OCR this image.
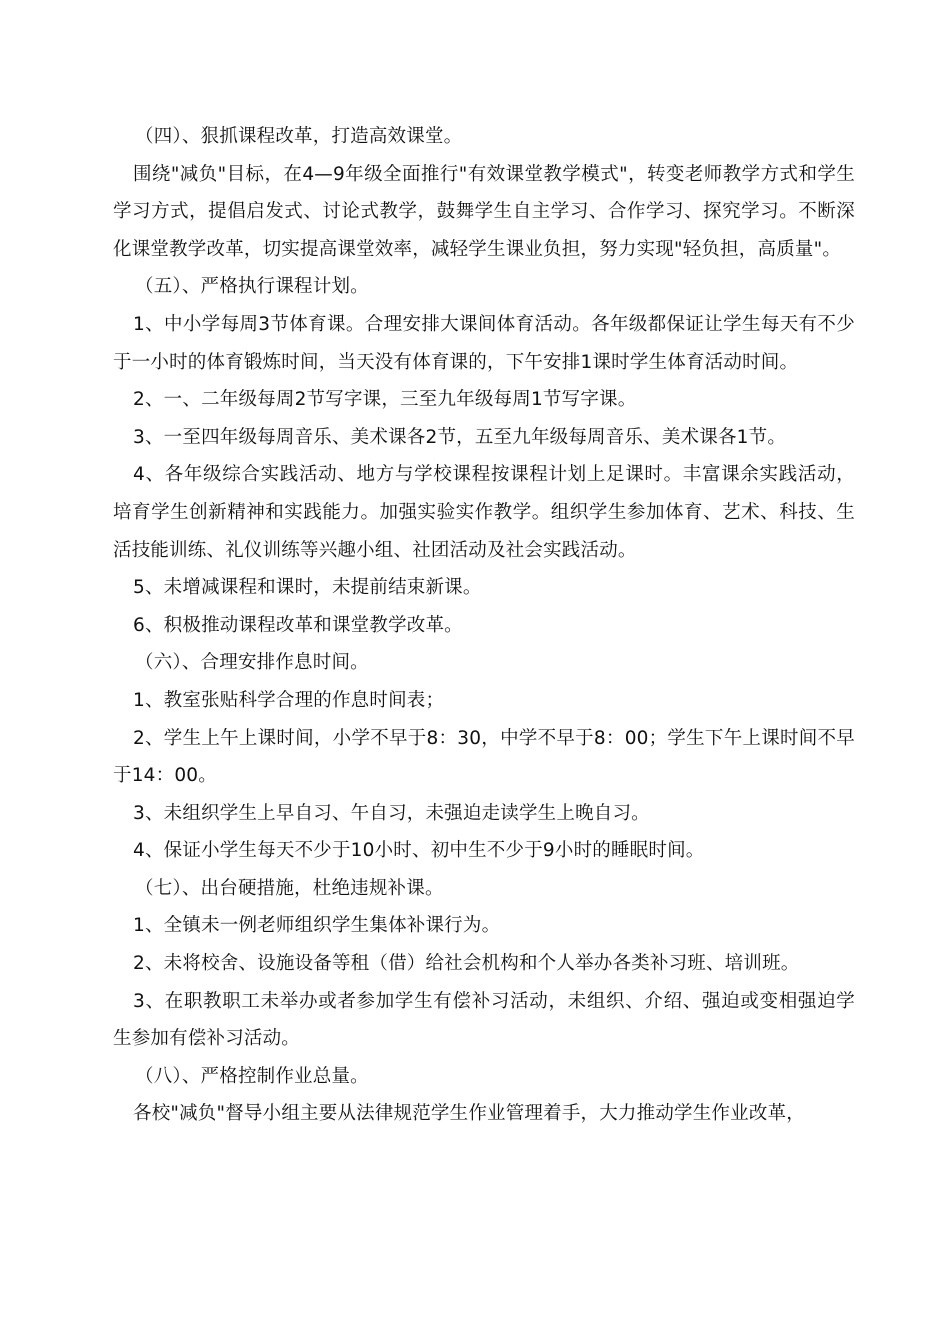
（四）、狠抓课程改革，打造高效课堂。

围绕"减负"目标，在4—9年级全面推行"有效课堂教学模式"，转变老师教学方式和学生学习方式，提倡启发式、讨论式教学，鼓舞学生自主学习、合作学习、探究学习。不断深化课堂教学改革，切实提高课堂效率，减轻学生课业负担，努力实现"轻负担，高质量"。

（五）、严格执行课程计划。

1、中小学每周3节体育课。合理安排大课间体育活动。各年级都保证让学生每天有不少于一小时的体育锻炼时间，当天没有体育课的，下午安排1课时学生体育活动时间。

2、一、二年级每周2节写字课，三至九年级每周1节写字课。

3、一至四年级每周音乐、美术课各2节，五至九年级每周音乐、美术课各1节。

4、各年级综合实践活动、地方与学校课程按课程计划上足课时。丰富课余实践活动，培育学生创新精神和实践能力。加强实验实作教学。组织学生参加体育、艺术、科技、生活技能训练、礼仪训练等兴趣小组、社团活动及社会实践活动。

5、未增减课程和课时，未提前结束新课。

6、积极推动课程改革和课堂教学改革。

（六）、合理安排作息时间。

1、教室张贴科学合理的作息时间表；

2、学生上午上课时间，小学不早于8：30，中学不早于8：00；学生下午上课时间不早于14：00。

3、未组织学生上早自习、午自习，未强迫走读学生上晚自习。

4、保证小学生每天不少于10小时、初中生不少于9小时的睡眠时间。

（七）、出台硬措施，杜绝违规补课。

1、全镇未一例老师组织学生集体补课行为。

2、未将校舍、设施设备等租（借）给社会机构和个人举办各类补习班、培训班。

3、在职教职工未举办或者参加学生有偿补习活动，未组织、介绍、强迫或变相强迫学生参加有偿补习活动。

（八）、严格控制作业总量。

各校"减负"督导小组主要从法律规范学生作业管理着手，大力推动学生作业改革，
